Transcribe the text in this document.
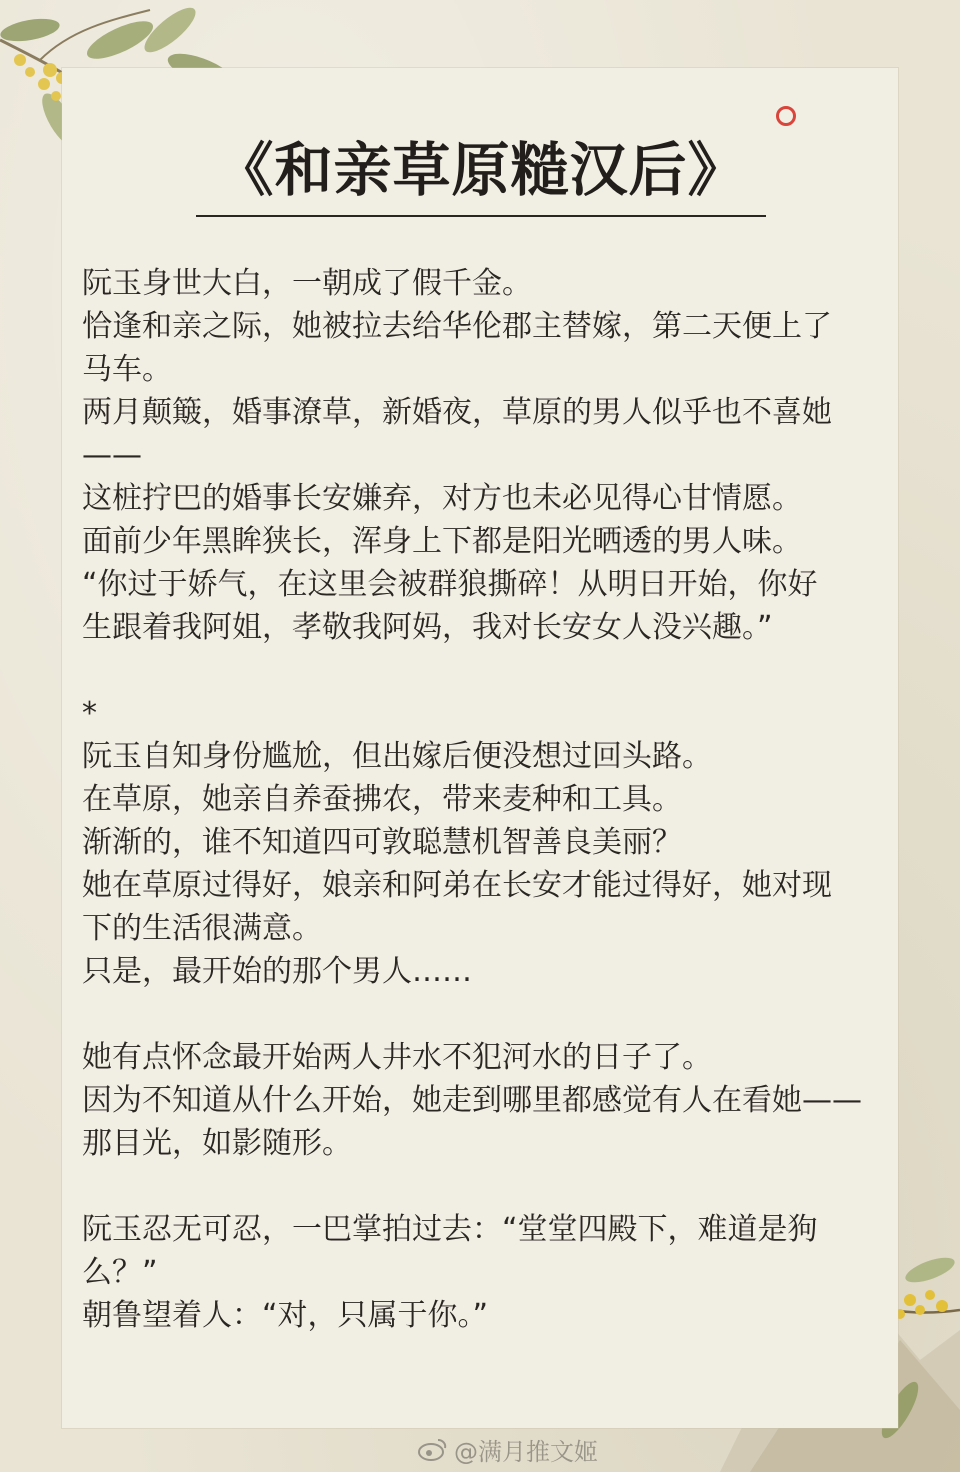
《和亲草原糙汉后》
阮玉身世大白，一朝成了假千金。
恰逢和亲之际，她被拉去给华伦郡主替嫁，第二天便上了
马车。
两月颠簸，婚事潦草，新婚夜，草原的男人似乎也不喜她
——
这桩拧巴的婚事长安嫌弃，对方也未必见得心甘情愿。
面前少年黑眸狭长，浑身上下都是阳光晒透的男人味。
“你过于娇气，在这里会被群狼撕碎！从明日开始，你好
生跟着我阿姐，孝敬我阿妈，我对长安女人没兴趣。”
*
阮玉自知身份尴尬，但出嫁后便没想过回头路。
在草原，她亲自养蚕拂农，带来麦种和工具。
渐渐的，谁不知道四可敦聪慧机智善良美丽？
她在草原过得好，娘亲和阿弟在长安才能过得好，她对现
下的生活很满意。
只是，最开始的那个男人……
她有点怀念最开始两人井水不犯河水的日子了。
因为不知道从什么开始，她走到哪里都感觉有人在看她——
那目光，如影随形。
阮玉忍无可忍，一巴掌拍过去：“堂堂四殿下，难道是狗
么？”
朝鲁望着人：“对，只属于你。”
@满月推文姬
